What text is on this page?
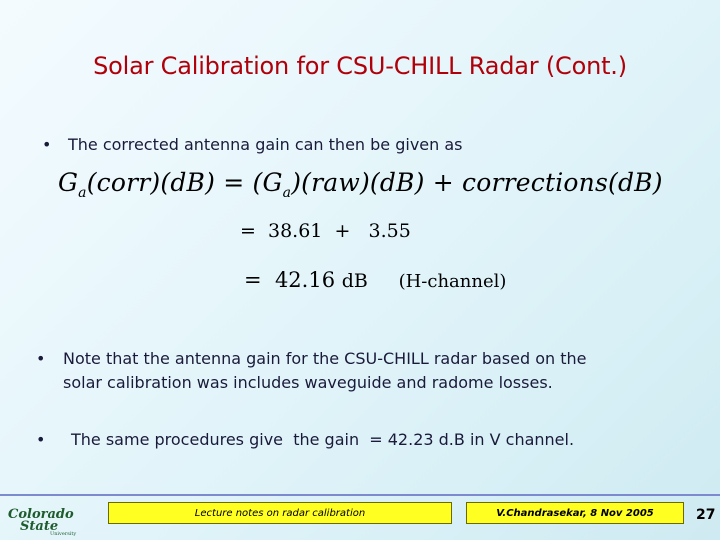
Solar Calibration for CSU-CHILL Radar (Cont.)
• The corrected antenna gain can then be given as
$G_a(corr)(dB) = (G_a)(raw)(dB)$ + corrections(dB)
=  38.61  +   3.55
=  42.16 dB (H-channel)
• Note that the antenna gain for the CSU-CHILL radar based on the
solar calibration was includes waveguide and radome losses.
• The same procedures give  the gain  = 42.23 d.B in V channel.
Colorado
State
University
Lecture notes on radar calibration	V.Chandrasekar, 8 Nov 2005	27
